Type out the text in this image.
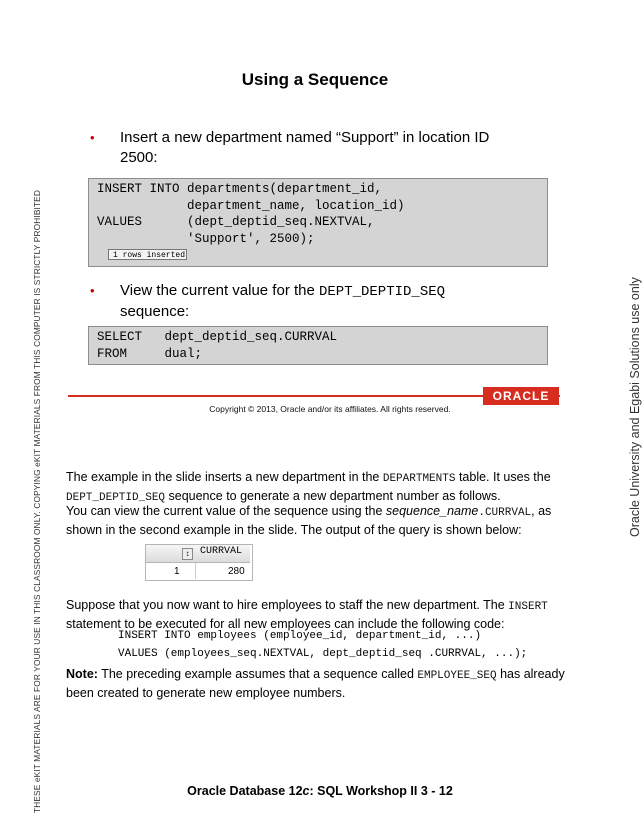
THESE eKIT MATERIALS ARE FOR YOUR USE IN THIS CLASSROOM ONLY. COPYING eKIT MATERIALS FROM THIS COMPUTER IS STRICTLY PROHIBITED	Oracle University and Egabi Solutions use only
Using a Sequence
• Insert a new department named “Support” in location ID
2500:
INSERT INTO departments(department_id,
department_name, location_id)
VALUES      (dept_deptid_seq.NEXTVAL,
'Support', 2500);
1 rows inserted
• View the current value for the DEPT_DEPTID_SEQ
sequence:
SELECT   dept_deptid_seq.CURRVAL
FROM     dual;
ORACLE
Copyright © 2013, Oracle and/or its affiliates. All rights reserved.
The example in the slide inserts a new department in the DEPARTMENTS table. It uses the
DEPT_DEPTID_SEQ sequence to generate a new department number as follows.
You can view the current value of the sequence using the sequence_name.CURRVAL, as
shown in the second example in the slide. The output of the query is shown below:
↕	CURRVAL
1	280
Suppose that you now want to hire employees to staff the new department. The INSERT
statement to be executed for all new employees can include the following code:
INSERT INTO employees (employee_id, department_id, ...)
VALUES (employees_seq.NEXTVAL, dept_deptid_seq .CURRVAL, ...);
Note: The preceding example assumes that a sequence called EMPLOYEE_SEQ has already
been created to generate new employee numbers.
Oracle Database 12c: SQL Workshop II 3 - 12
